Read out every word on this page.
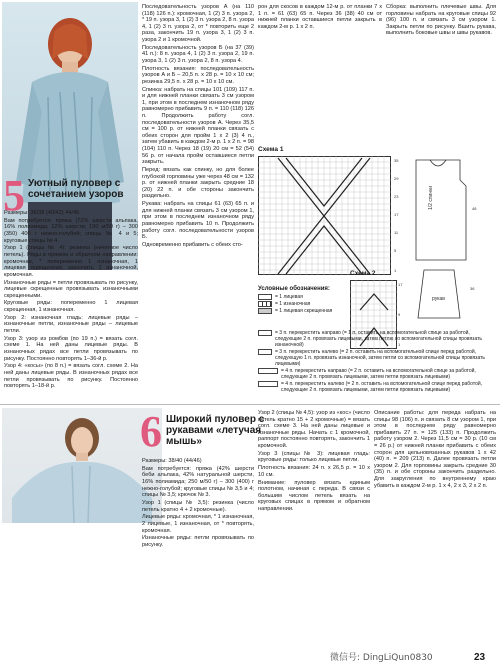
5 Уютный пуловер с сочетанием узоров

Размеры: 36/38 (40/42) 44/46

Вам потребуется: пряжа (72% шерсти альпака, 16% полиамида, 12% шерсти; 190 м/50 г) – 300 (350) 400 г нежно-голубой; спицы № 4 и 5; круговые спицы № 4.

Узор 1 (спицы № 4): резинка (нечетное число петель). Ряды в прямом и обратном направлении: кромочная, * попеременно 1 изнаночная, 1 лицевая скрещенная, закончить 1 изнаночной, кромочная.

Изнаночные ряды = петли провязывать по рисунку, лицевые скрещенные провязывать изнаночными скрещенными.

Круговые ряды: попеременно 1 лицевая скрещенная, 1 изнаночная.

Узор 2: изнаночная гладь: лицевые ряды – изнаночные петли, изнаночные ряды – лицевые петли.

Узор 3: узор из ромбов (по 19 п.) = вязать согл. схеме 1. На ней даны лицевые ряды. В изнаночных рядах все петли провязывать по рисунку. Постоянно повторять 1–36-й р.

Узор 4: «косы» (по 8 п.) = вязать согл. схеме 2. На ней даны лицевые ряды. В изнаночных рядах все петли провязывать по рисунку. Постоянно повторять 1–18-й р.

Последовательность узоров А (на 110 (118) 126 п.): кромочная, 1 (2) 3 п. узора 2, * 19 п. узора 3, 1 (2) 3 п. узора 2, 8 п. узора 4, 1 (2) 3 п. узора 2, от * повторить еще 2 раза, закончить 19 п. узора 3, 1 (2) 3 п. узора 2 и 1 кромочной.

Последовательность узоров Б (на 37 (39) 41 п.): 8 п. узора 4, 1 (2) 3 п. узора 2, 19 п. узора 3, 1 (2) 3 п. узора 2, 8 п. узора 4.

Плотность вязания: последовательность узоров А и Б – 20,5 п. x 28 р. = 10 x 10 см; резинка 29,5 п. x 28 р. = 10 x 10 см.

Спинка: набрать на спицы 101 (109) 117 п. и для нижней планки связать 3 см узором 1, при этом в последнем изнаночном ряду равномерно прибавить 9 п. = 110 (118) 126 п. Продолжить работу согл. последовательности узоров А. Через 35,5 см = 100 р. от нижней планки связать с обеих сторон для пройм 1 x 2 (3) 4 п., затем убавить в каждом 2-м р. 1 x 2 п. = 98 (104) 110 п. Через 18 (19) 20 см = 52 (54) 56 р. от начала пройм оставшиеся петли закрыть.

Перед: вязать как спинку, но для более глубокой горловины уже через 48 см = 132 р. от нижней планки закрыть средние 18 (20) 22 п. и обе стороны закончить раздельно.

Рукава: набрать на спицы 61 (63) 65 п. и для нижней планки связать 3 см узором 1, при этом в последнем изнаночном ряду равномерно прибавить 10 п. Продолжить работу согл. последовательности узоров Б.

Одновременно прибавить с обеих сто-

рон для скосов в каждом 12-м р. от планки 7 x 1 п. = 61 (63) 65 п. Через 36 (38) 40 см от нижней планки оставшиеся петли закрыть в каждом 2-м р. 1 x 2 п.

Сборка: выполнить плечевые швы. Для горловины набрать на круговые спицы 92 (96) 100 п. и связать 3 см узором 1. Закрыть петли по рисунку. Вшить рукава, выполнить боковые швы и швы рукавов.

Схема 1
35
29
23
17
11
5
1
1/2 спинки
рукав
48
36
Схема 2
17
9
1
Условные обозначения:
= 1 лицевая
= 1 изнаночная
= 1 лицевая скрещенная
= 3 п. перекрестить направо (= 1 п. оставить на вспомогательной спице за работой, следующие 2 п. провязать лицевыми, затем петлю со вспомогательной спицы провязать изнаночной)
= 3 п. перекрестить налево (= 2 п. оставить на вспомогательной спице перед работой, следующую 1 п. провязать изнаночной, затем петли со вспомогательной спицы провязать лицевыми)
= 4 п. перекрестить направо (= 2 п. оставить на вспомогательной спице за работой, следующие 2 п. провязать лицевыми, затем петли провязать лицевыми)
= 4 п. перекрестить налево (= 2 п. оставить на вспомогательной спице перед работой, следующие 2 п. провязать лицевыми, затем петли провязать лицевыми)
6 Широкий пуловер с рукавами «летучая мышь»

Размеры: 38/40 (44/46)

Вам потребуется: пряжа (42% шерсти беби альпака, 42% натуральной шерсти, 16% полиамида; 250 м/50 г) – 300 (400) г нежно-голубой; круговые спицы № 3,5 и 4; спицы № 3,5; крючок № 3.

Узор 1 (спицы № 3,5): резинка (число петель кратно 4 + 2 кромочные).

Лицевые ряды: кромочная, * 1 изнаночная, 2 лицевые, 1 изнаночная, от * повторять, кромочная.

Изнаночные ряды: петли провязывать по рисунку.

Узор 2 (спицы № 4,5): узор из «кос» (число петель кратно 15 + 2 кромочные) = вязать согл. схеме 3. На ней даны лицевые и изнаночные ряды. Начать с 1 кромочной, раппорт постоянно повторять, закончить 1 кромочной.

Узор 3 (спицы № 3): лицевая гладь: круговые ряды: только лицевые петли.

Плотность вязания: 24 п. x 26,5 р. = 10 x 10 см.

Внимание: пуловер вязать единым полотном, начиная с переда. В связи с большим числом петель вязать на круговых спицах в прямом и обратном направлении.

Описание работы: для переда набрать на спицы 98 (106) п. и связать 8 см узором 1, при этом в последнем ряду равномерно прибавить 27 п. = 125 (133) п. Продолжить работу узором 2. Через 11,5 см = 30 р. (10 см = 26 р.) от нижней планки прибавить с обеих сторон для цельновязанных рукавов 1 x 42 (40) п. = 209 (213) п. Далее провязать петли узором 2. Для горловины закрыть средние 30 (35) п. и обе стороны закончить раздельно. Для закругления по внутреннему краю убавить в каждом 2-м р. 1 x 4, 2 x 3, 2 x 2 п.

微信号: DingLiQun0830	23
